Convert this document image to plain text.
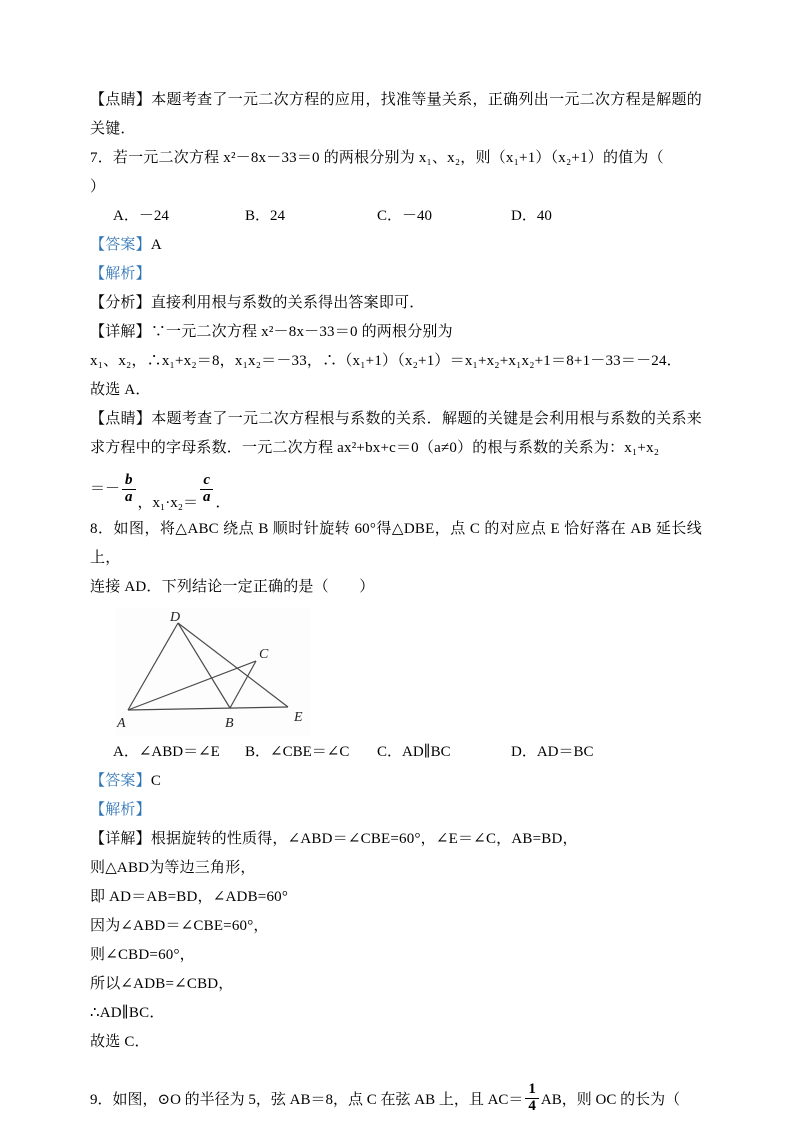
【点睛】本题考查了一元二次方程的应用，找准等量关系，正确列出一元二次方程是解题的关键．

7．若一元二次方程 x²－8x－33＝0 的两根分别为 x₁、x₂，则（x₁+1）（x₂+1）的值为（

）

A．－24	B．24	C．－40	D．40

【答案】A

【解析】

【分析】直接利用根与系数的关系得出答案即可．

【详解】∵一元二次方程 x²－8x－33＝0 的两根分别为

x₁、x₂，∴x₁+x₂＝8，x₁x₂＝－33，∴（x₁+1）（x₂+1）＝x₁+x₂+x₁x₂+1＝8+1－33＝－24．

故选 A．

【点睛】本题考查了一元二次方程根与系数的关系．解题的关键是会利用根与系数的关系来求方程中的字母系数．一元二次方程 ax²+bx+c＝0（a≠0）的根与系数的关系为：x₁+x₂

＝－ $\frac{b}{a}$ ，$x_1\cdot x_2= \frac{c}{a}$ ．

8．如图，将△ABC 绕点 B 顺时针旋转 60°得△DBE，点 C 的对应点 E 恰好落在 AB 延长线上，

连接 AD．下列结论一定正确的是（　　）

D
C
A	B	E
A．∠ABD＝∠E	B．∠CBE＝∠C	C．AD∥BC	D．AD＝BC

【答案】C

【解析】

【详解】根据旋转的性质得，∠ABD＝∠CBE=60°，∠E＝∠C，AB=BD，

则△ABD为等边三角形，

即 AD＝AB=BD，∠ADB=60°

因为∠ABD＝∠CBE=60°，

则∠CBD=60°，

所以∠ADB=∠CBD，

∴AD∥BC．

故选 C．

9．如图，⊙O 的半径为 5，弦 AB＝8，点 C 在弦 AB 上，且 $AC= \frac{1}{4}$ AB，则 OC 的长为（
